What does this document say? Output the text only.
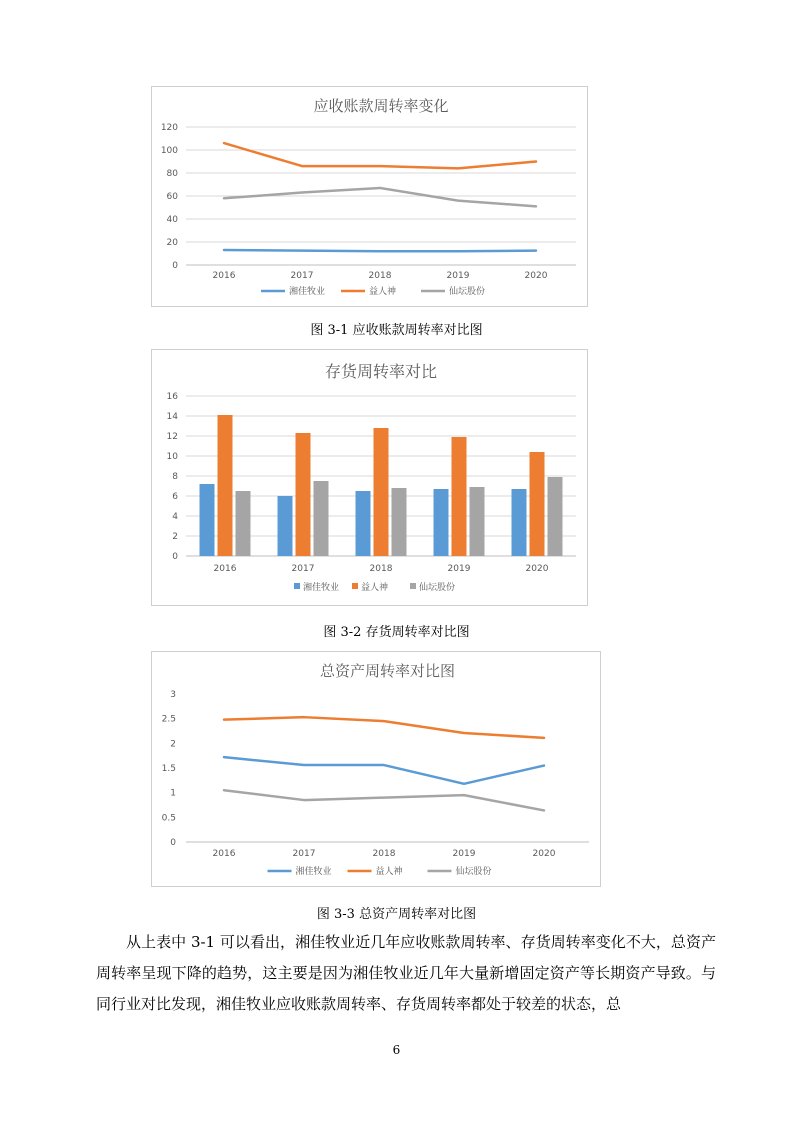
应收账款周转率变化
0
20
40
60
80
100
120
2016	2017	2018	2019	2020
湘佳牧业	益人神	仙坛股份
图 3-1 应收账款周转率对比图
存货周转率对比
0
2
4
6
8
10
12
14
16
2016	2017	2018	2019	2020
湘佳牧业 益人神	仙坛股份
图 3-2 存货周转率对比图
总资产周转率对比图
0
0.5
1
1.5
2
2.5
3
2016	2017	2018	2019	2020
湘佳牧业	益人神	仙坛股份
图 3-3 总资产周转率对比图

从上表中 3-1 可以看出，湘佳牧业近几年应收账款周转率、存货周转率变化不大，总资产周转率呈现下降的趋势，这主要是因为湘佳牧业近几年大量新增固定资产等长期资产导致。与同行业对比发现，湘佳牧业应收账款周转率、存货周转率都处于较差的状态，总

6
